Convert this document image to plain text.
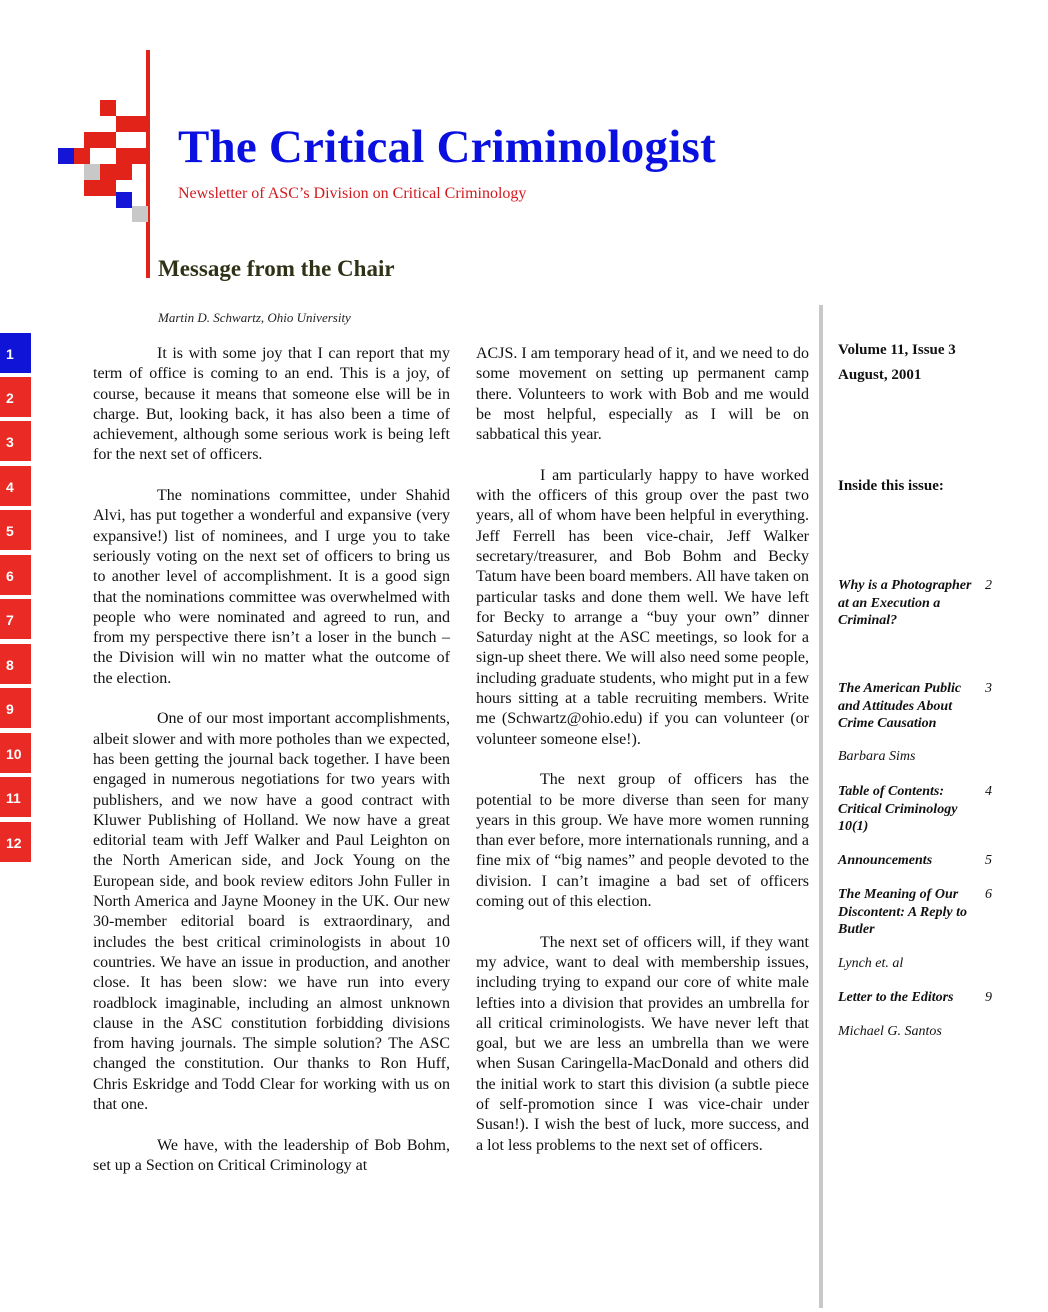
The Critical Criminologist
Newsletter of ASC’s Division on Critical Criminology
Message from the Chair
Martin D. Schwartz, Ohio University

It is with some joy that I can report that my term of office is coming to an end. This is a joy, of course, because it means that someone else will be in charge. But, looking back, it has also been a time of achievement, although some serious work is being left for the next set of officers.

The nominations committee, under Shahid Alvi, has put together a wonderful and expansive (very expansive!) list of nominees, and I urge you to take seriously voting on the next set of officers to bring us to another level of accomplishment. It is a good sign that the nominations committee was overwhelmed with people who were nominated and agreed to run, and from my perspective there isn’t a loser in the bunch – the Division will win no matter what the outcome of the election.

One of our most important accomplishments, albeit slower and with more potholes than we expected, has been getting the journal back together. I have been engaged in numerous negotiations for two years with publishers, and we now have a good contract with Kluwer Publishing of Holland. We now have a great editorial team with Jeff Walker and Paul Leighton on the North American side, and Jock Young on the European side, and book review editors John Fuller in North America and Jayne Mooney in the UK. Our new 30-member editorial board is extraordinary, and includes the best critical criminologists in about 10 countries. We have an issue in production, and another close. It has been slow: we have run into every roadblock imaginable, including an almost unknown clause in the ASC constitution forbidding divisions from having journals. The simple solution? The ASC changed the constitution. Our thanks to Ron Huff, Chris Eskridge and Todd Clear for working with us on that one.

We have, with the leadership of Bob Bohm, set up a Section on Critical Criminology at

ACJS. I am temporary head of it, and we need to do some movement on setting up permanent camp there. Volunteers to work with Bob and me would be most helpful, especially as I will be on sabbatical this year.

I am particularly happy to have worked with the officers of this group over the past two years, all of whom have been helpful in everything. Jeff Ferrell has been vice-chair, Jeff Walker secretary/treasurer, and Bob Bohm and Becky Tatum have been board members. All have taken on particular tasks and done them well. We have left for Becky to arrange a “buy your own” dinner Saturday night at the ASC meetings, so look for a sign-up sheet there. We will also need some people, including graduate students, who might put in a few hours sitting at a table recruiting members. Write me (Schwartz@ohio.edu) if you can volunteer (or volunteer someone else!).

The next group of officers has the potential to be more diverse than seen for many years in this group. We have more women running than ever before, more internationals running, and a fine mix of “big names” and people devoted to the division. I can’t imagine a bad set of officers coming out of this election.

The next set of officers will, if they want my advice, want to deal with membership issues, including trying to expand our core of white male lefties into a division that provides an umbrella for all critical criminologists. We have never left that goal, but we are less an umbrella than we were when Susan Caringella-MacDonald and others did the initial work to start this division (a subtle piece of self-promotion since I was vice-chair under Susan!). I wish the best of luck, more success, and a lot less problems to the next set of officers.

Volume 11, Issue 3
August, 2001
Inside this issue:
Why is a Photographer at an Execution a Criminal?
2
The American Public and Attitudes About Crime Causation
3
Barbara Sims
Table of Contents: Critical Criminology 10(1)
4
Announcements	5
The Meaning of Our Discontent: A Reply to Butler
6
Lynch et. al
Letter to the Editors	9
Michael G. Santos
1
2
3
4
5
6
7
8
9
10
11
12
